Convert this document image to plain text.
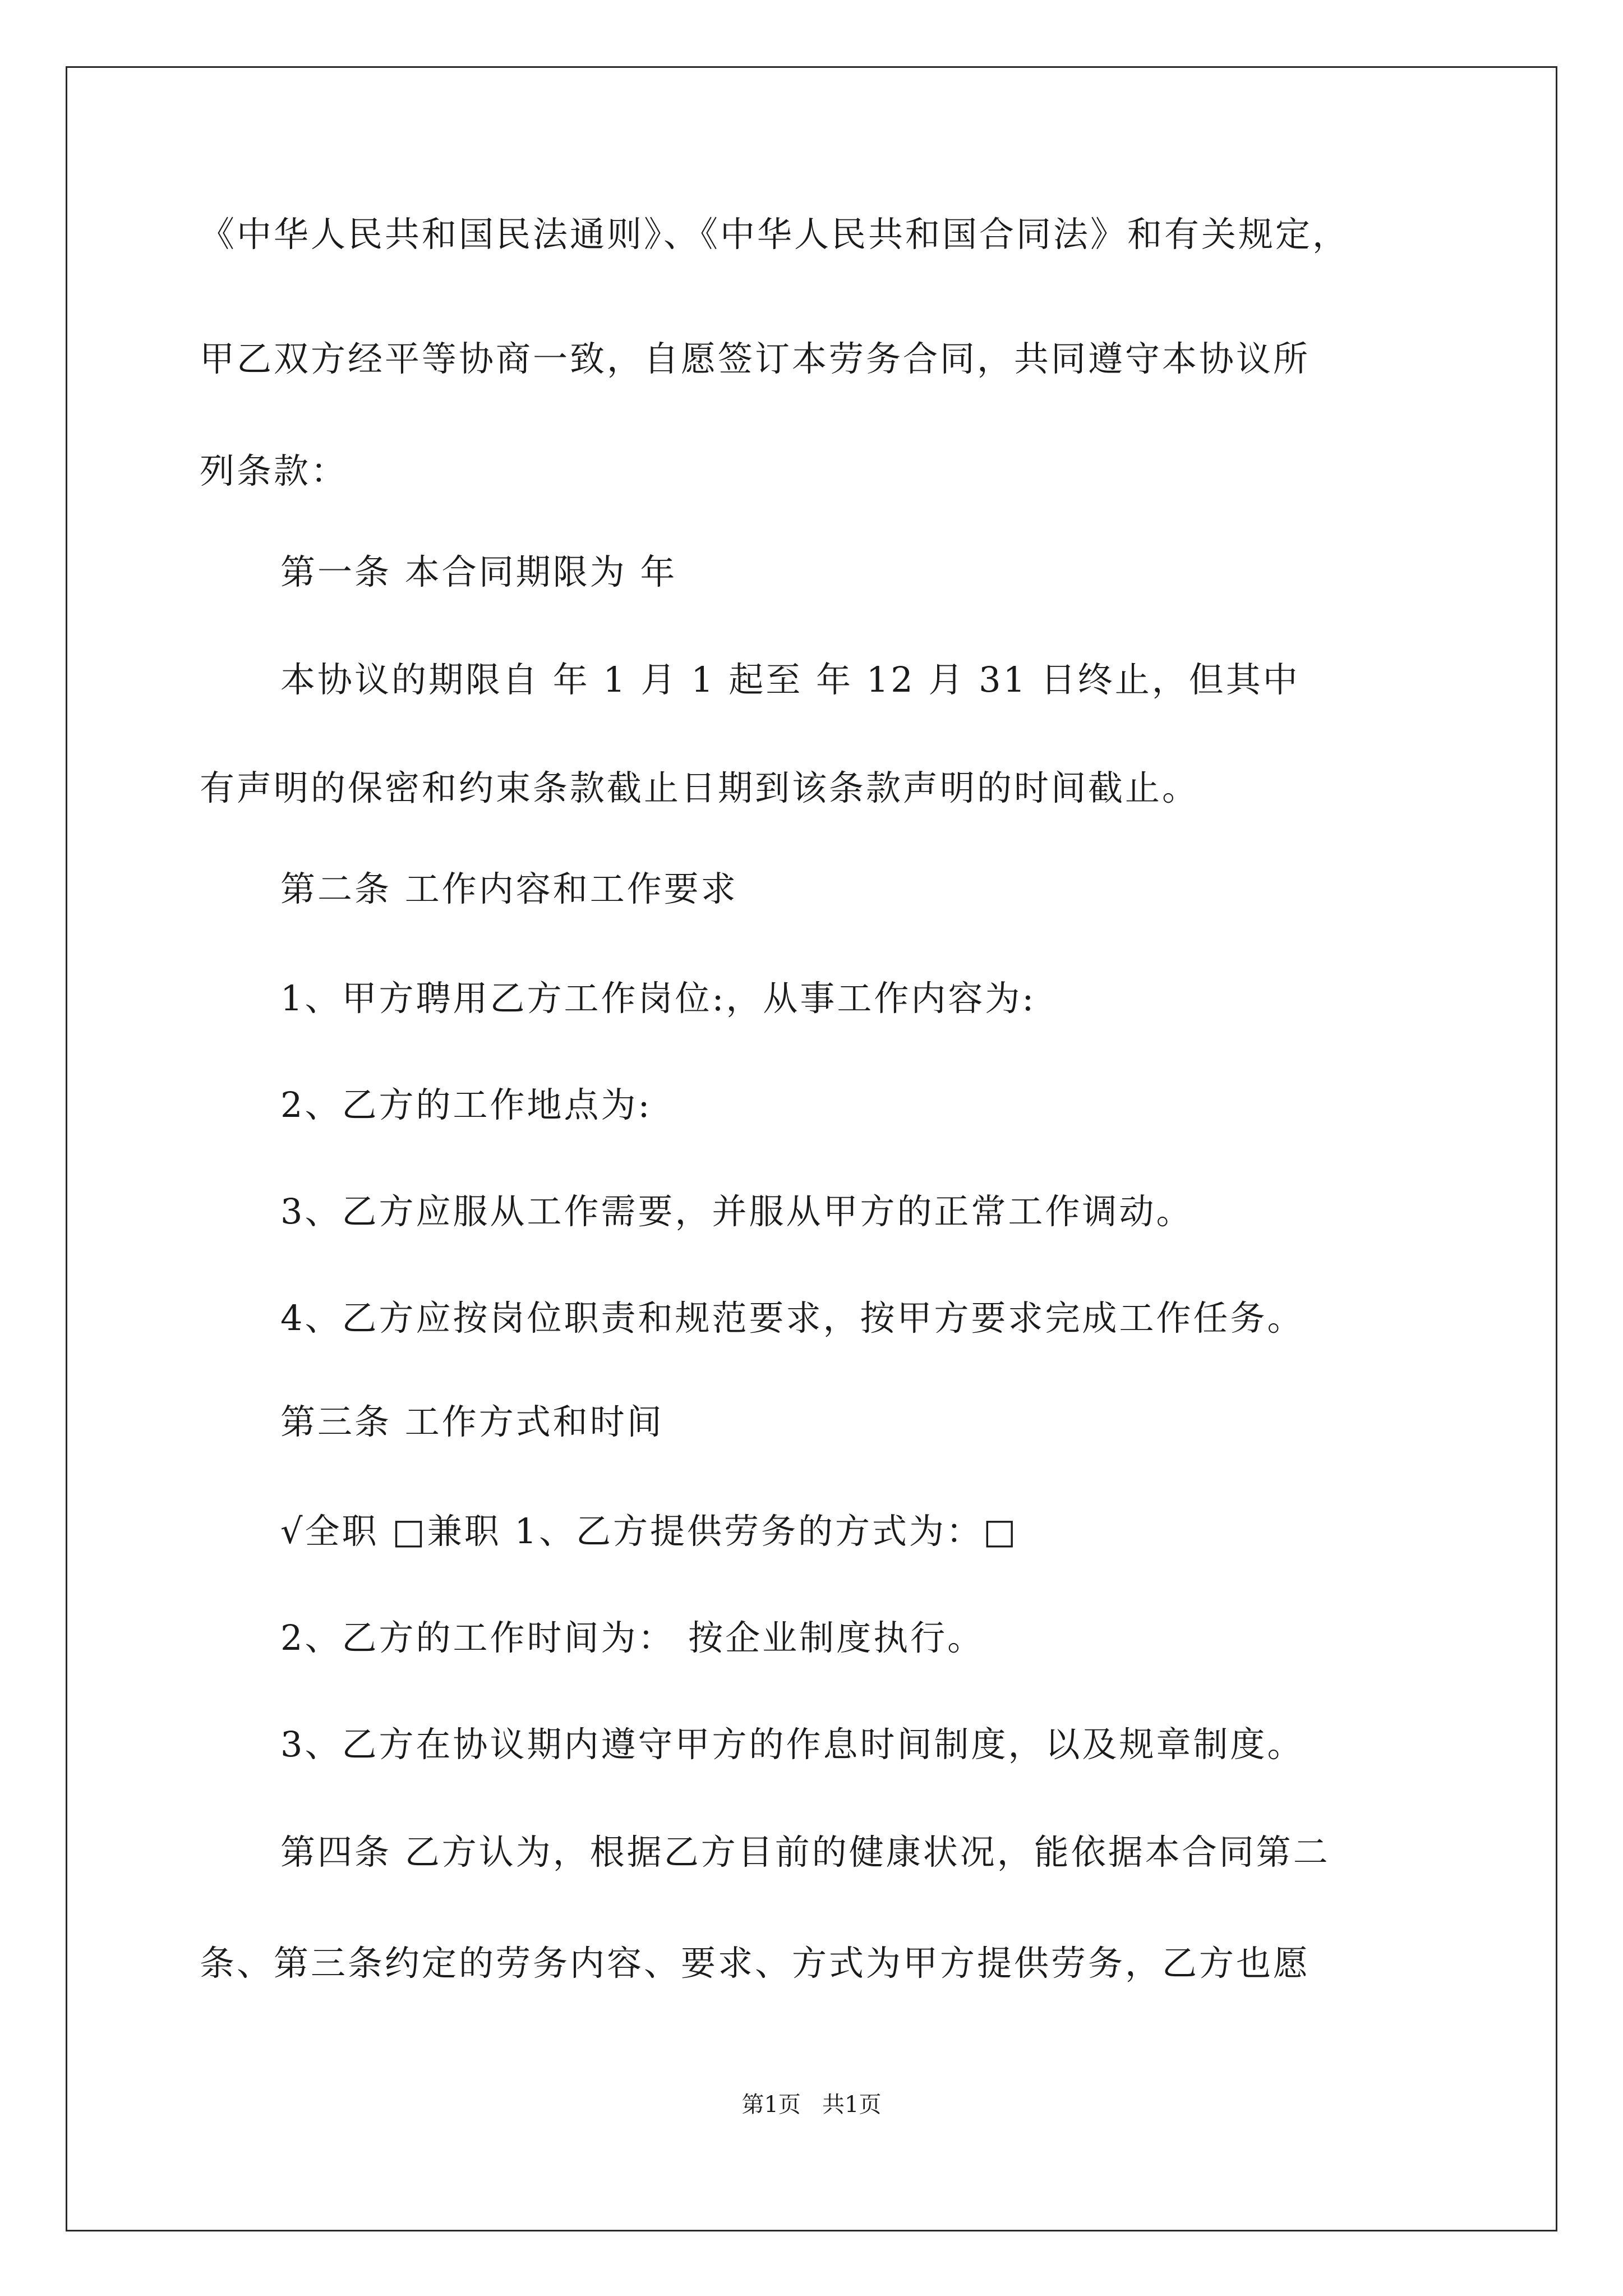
《中华人民共和国民法通则》、《中华人民共和国合同法》和有关规定，
甲乙双方经平等协商一致，自愿签订本劳务合同，共同遵守本协议所
列条款：
第一条 本合同期限为 年
本协议的期限自 年 1 月 1 起至 年 12 月 31 日终止，但其中
有声明的保密和约束条款截止日期到该条款声明的时间截止。
第二条 工作内容和工作要求
1、甲方聘用乙方工作岗位:，从事工作内容为:
2、乙方的工作地点为:
3、乙方应服从工作需要，并服从甲方的正常工作调动。
4、乙方应按岗位职责和规范要求，按甲方要求完成工作任务。
第三条 工作方式和时间
√全职 □兼职 1、乙方提供劳务的方式为：□
2、乙方的工作时间为： 按企业制度执行。
3、乙方在协议期内遵守甲方的作息时间制度，以及规章制度。
第四条 乙方认为，根据乙方目前的健康状况，能依据本合同第二
条、第三条约定的劳务内容、要求、方式为甲方提供劳务，乙方也愿
第1页   共1页
